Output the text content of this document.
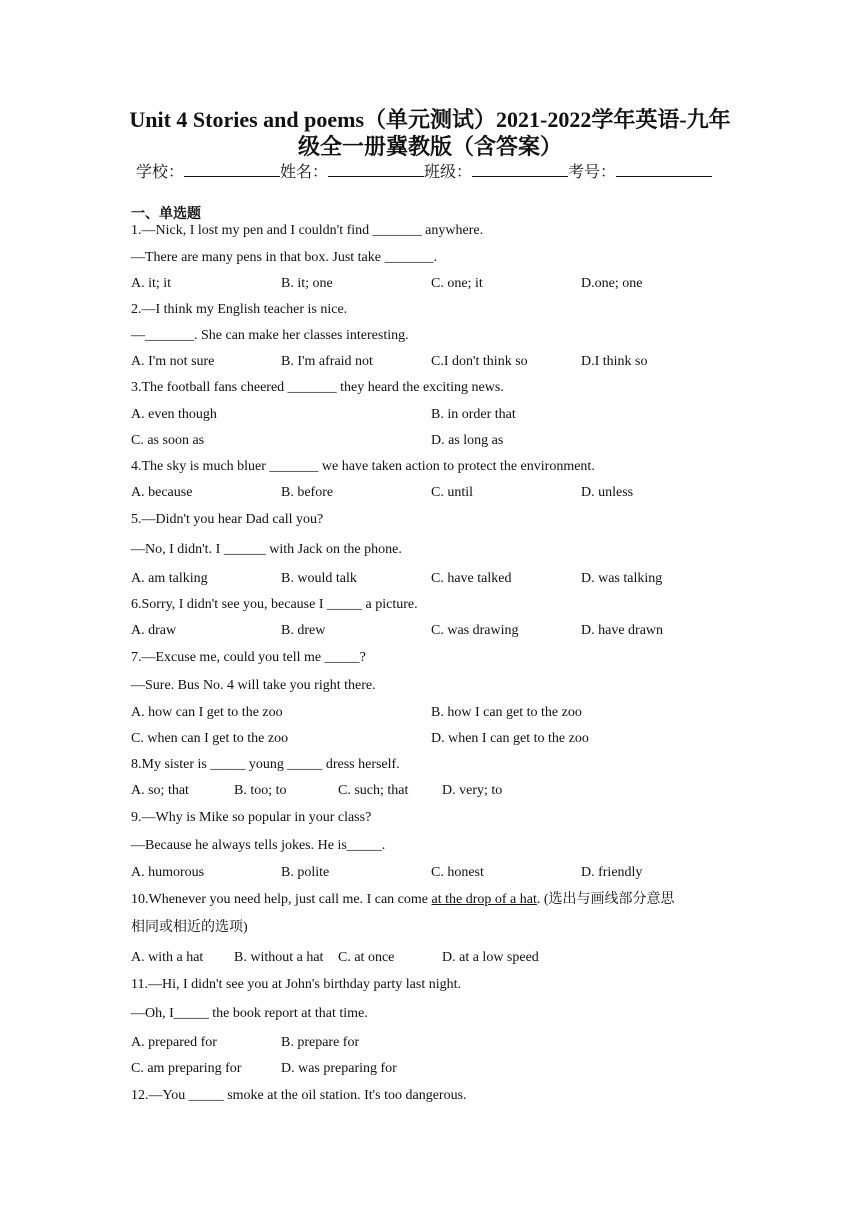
Unit 4 Stories and poems（单元测试）2021-2022学年英语-九年
级全一册冀教版（含答案）
学校：	姓名：	班级：	考号：
一、单选题
1.—Nick, I lost my pen and I couldn't find _______ anywhere.
—There are many pens in that box. Just take _______.
A. it; it	B. it; one	C. one; it	D.one; one
2.—I think my English teacher is nice.
—_______. She can make her classes interesting.
A. I'm not sure	B. I'm afraid not	C.I don't think so	D.I think so
3.The football fans cheered _______ they heard the exciting news.
A. even though	B. in order that
C. as soon as	D. as long as
4.The sky is much bluer _______ we have taken action to protect the environment.
A. because	B. before	C. until	D. unless
5.—Didn't you hear Dad call you?
—No, I didn't. I ______ with Jack on the phone.
A. am talking	B. would talk	C. have talked	D. was talking
6.Sorry, I didn't see you, because I _____ a picture.
A. draw	B. drew	C. was drawing	D. have drawn
7.—Excuse me, could you tell me _____?
—Sure. Bus No. 4 will take you right there.
A. how can I get to the zoo	B. how I can get to the zoo
C. when can I get to the zoo	D. when I can get to the zoo
8.My sister is _____ young _____ dress herself.
A. so; that	B. too; to	C. such; that D. very; to
9.—Why is Mike so popular in your class?
—Because he always tells jokes. He is_____.
A. humorous	B. polite	C. honest	D. friendly
10.Whenever you need help, just call me. I can come at the drop of a hat. (选出与画线部分意思
相同或相近的选项)
A. with a hat B. without a hat C. at once	D. at a low speed
11.—Hi, I didn't see you at John's birthday party last night.
—Oh, I_____ the book report at that time.
A. prepared for	B. prepare for
C. am preparing for	D. was preparing for
12.—You _____ smoke at the oil station. It's too dangerous.
